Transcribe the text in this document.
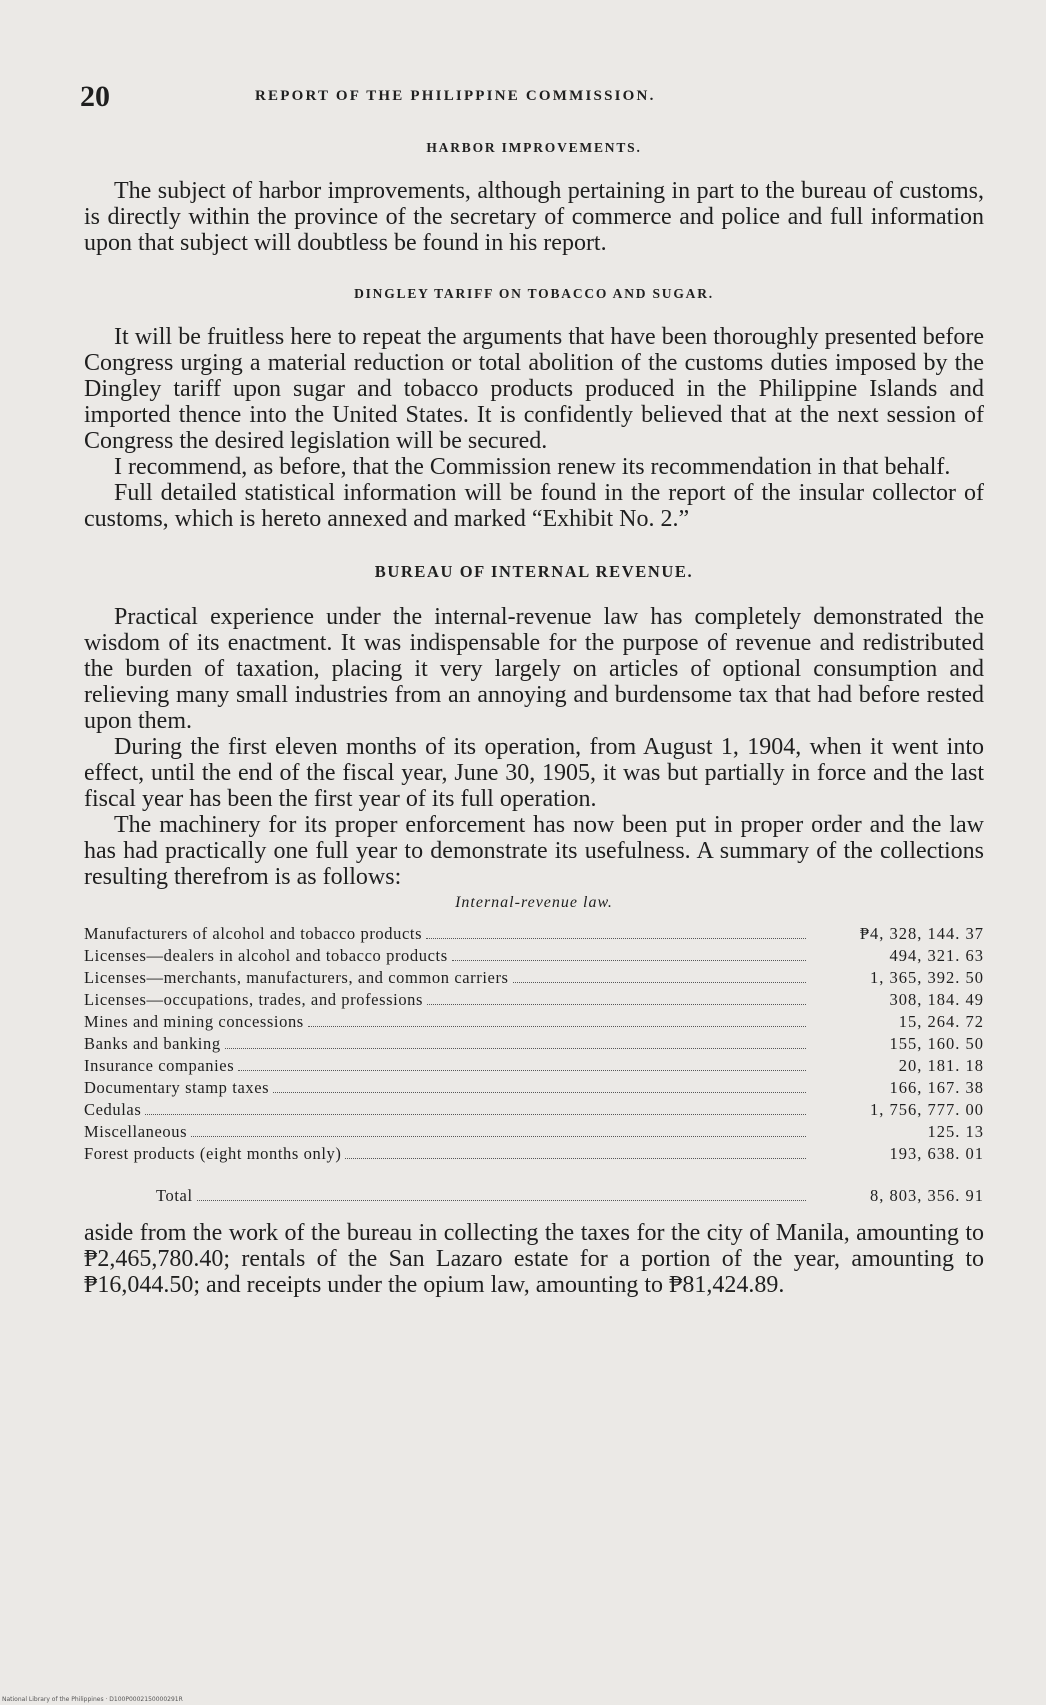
20	REPORT OF THE PHILIPPINE COMMISSION.
HARBOR IMPROVEMENTS.

The subject of harbor improvements, although pertaining in part to the bureau of customs, is directly within the province of the secretary of commerce and police and full information upon that subject will doubtless be found in his report.

DINGLEY TARIFF ON TOBACCO AND SUGAR.

It will be fruitless here to repeat the arguments that have been thoroughly presented before Congress urging a material reduction or total abolition of the customs duties imposed by the Dingley tariff upon sugar and tobacco products produced in the Philippine Islands and imported thence into the United States. It is confidently believed that at the next session of Congress the desired legislation will be secured.

I recommend, as before, that the Commission renew its recommendation in that behalf.

Full detailed statistical information will be found in the report of the insular collector of customs, which is hereto annexed and marked “Exhibit No. 2.”

BUREAU OF INTERNAL REVENUE.

Practical experience under the internal-revenue law has completely demonstrated the wisdom of its enactment. It was indispensable for the purpose of revenue and redistributed the burden of taxation, placing it very largely on articles of optional consumption and relieving many small industries from an annoying and burdensome tax that had before rested upon them.

During the first eleven months of its operation, from August 1, 1904, when it went into effect, until the end of the fiscal year, June 30, 1905, it was but partially in force and the last fiscal year has been the first year of its full operation.

The machinery for its proper enforcement has now been put in proper order and the law has had practically one full year to demonstrate its usefulness. A summary of the collections resulting therefrom is as follows:

Internal-revenue law.
Manufacturers of alcohol and tobacco products	₱4, 328, 144. 37

Licenses—dealers in alcohol and tobacco products	494, 321. 63

Licenses—merchants, manufacturers, and common carriers	1, 365, 392. 50

Licenses—occupations, trades, and professions	308, 184. 49

Mines and mining concessions	15, 264. 72

Banks and banking	155, 160. 50

Insurance companies	20, 181. 18

Documentary stamp taxes	166, 167. 38

Cedulas	1, 756, 777. 00

Miscellaneous	125. 13

Forest products (eight months only)	193, 638. 01

Total	8, 803, 356. 91

aside from the work of the bureau in collecting the taxes for the city of Manila, amounting to ₱2,465,780.40; rentals of the San Lazaro estate for a portion of the year, amounting to ₱16,044.50; and receipts under the opium law, amounting to ₱81,424.89.

National Library of the Philippines · D100P0002150000291R
